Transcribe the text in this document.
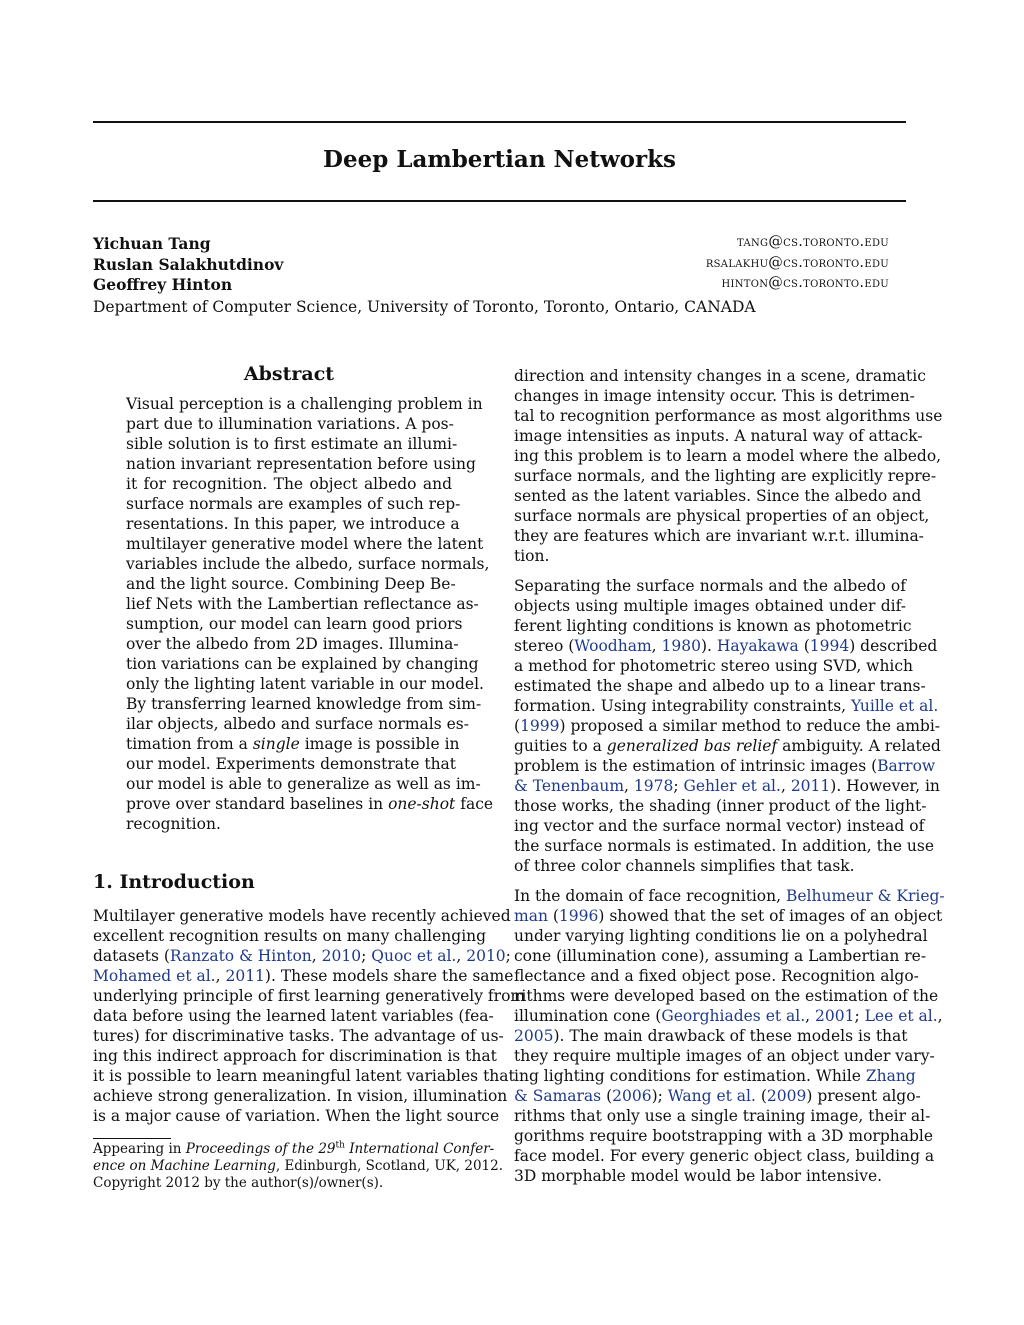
Deep Lambertian Networks
Yichuan Tang	tang@cs.toronto.edu
Ruslan Salakhutdinov	rsalakhu@cs.toronto.edu
Geoffrey Hinton	hinton@cs.toronto.edu
Department of Computer Science, University of Toronto, Toronto, Ontario, CANADA
Abstract
Visual perception is a challenging problem in
part due to illumination variations. A pos-
sible solution is to first estimate an illumi-
nation invariant representation before using
it for recognition. The object albedo and
surface normals are examples of such rep-
resentations. In this paper, we introduce a
multilayer generative model where the latent
variables include the albedo, surface normals,
and the light source. Combining Deep Be-
lief Nets with the Lambertian reflectance as-
sumption, our model can learn good priors
over the albedo from 2D images. Illumina-
tion variations can be explained by changing
only the lighting latent variable in our model.
By transferring learned knowledge from sim-
ilar objects, albedo and surface normals es-
timation from a single image is possible in
our model. Experiments demonstrate that
our model is able to generalize as well as im-
prove over standard baselines in one-shot face
recognition.
1. Introduction
Multilayer generative models have recently achieved
excellent recognition results on many challenging
datasets (Ranzato & Hinton, 2010; Quoc et al., 2010;
Mohamed et al., 2011). These models share the same
underlying principle of first learning generatively from
data before using the learned latent variables (fea-
tures) for discriminative tasks. The advantage of us-
ing this indirect approach for discrimination is that
it is possible to learn meaningful latent variables that
achieve strong generalization. In vision, illumination
is a major cause of variation. When the light source
Appearing in Proceedings of the 29th International Confer-
ence on Machine Learning, Edinburgh, Scotland, UK, 2012.
Copyright 2012 by the author(s)/owner(s).
direction and intensity changes in a scene, dramatic
changes in image intensity occur. This is detrimen-
tal to recognition performance as most algorithms use
image intensities as inputs. A natural way of attack-
ing this problem is to learn a model where the albedo,
surface normals, and the lighting are explicitly repre-
sented as the latent variables. Since the albedo and
surface normals are physical properties of an object,
they are features which are invariant w.r.t. illumina-
tion.
Separating the surface normals and the albedo of
objects using multiple images obtained under dif-
ferent lighting conditions is known as photometric
stereo (Woodham, 1980). Hayakawa (1994) described
a method for photometric stereo using SVD, which
estimated the shape and albedo up to a linear trans-
formation. Using integrability constraints, Yuille et al.
(1999) proposed a similar method to reduce the ambi-
guities to a generalized bas relief ambiguity. A related
problem is the estimation of intrinsic images (Barrow
& Tenenbaum, 1978; Gehler et al., 2011). However, in
those works, the shading (inner product of the light-
ing vector and the surface normal vector) instead of
the surface normals is estimated. In addition, the use
of three color channels simplifies that task.
In the domain of face recognition, Belhumeur & Krieg-
man (1996) showed that the set of images of an object
under varying lighting conditions lie on a polyhedral
cone (illumination cone), assuming a Lambertian re-
flectance and a fixed object pose. Recognition algo-
rithms were developed based on the estimation of the
illumination cone (Georghiades et al., 2001; Lee et al.,
2005). The main drawback of these models is that
they require multiple images of an object under vary-
ing lighting conditions for estimation. While Zhang
& Samaras (2006); Wang et al. (2009) present algo-
rithms that only use a single training image, their al-
gorithms require bootstrapping with a 3D morphable
face model. For every generic object class, building a
3D morphable model would be labor intensive.
